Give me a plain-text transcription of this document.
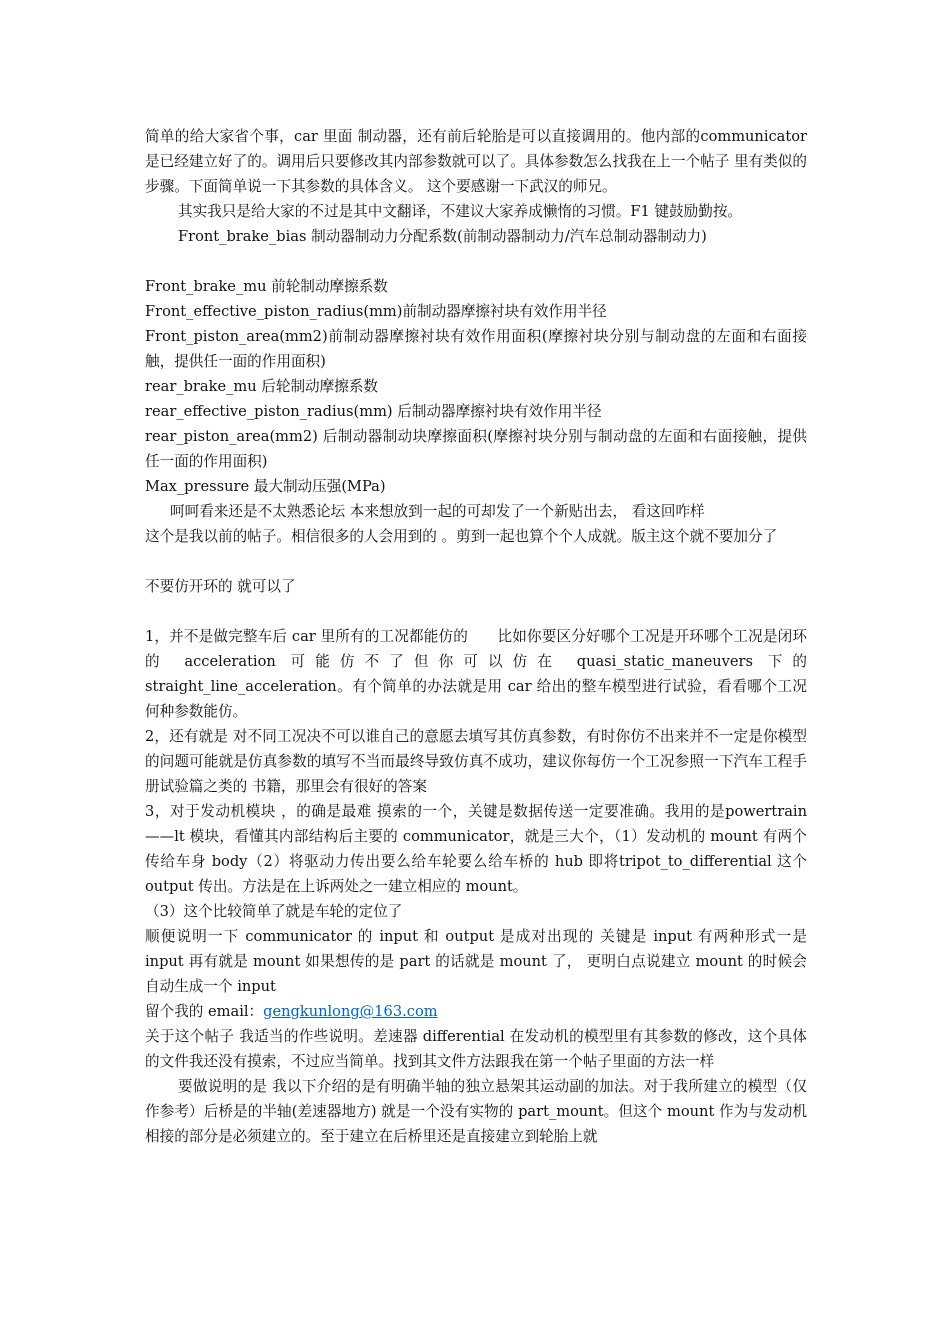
简单的给大家省个事，car 里面 制动器，还有前后轮胎是可以直接调用的。他内部的communicator 是已经建立好了的。调用后只要修改其内部参数就可以了。具体参数怎么找我在上一个帖子 里有类似的步骤。下面简单说一下其参数的具体含义。 这个要感谢一下武汉的师兄。

其实我只是给大家的不过是其中文翻译，不建议大家养成懒惰的习惯。F1 键鼓励勤按。

Front_brake_bias 制动器制动力分配系数(前制动器制动力/汽车总制动器制动力)

Front_brake_mu 前轮制动摩擦系数

Front_effective_piston_radius(mm)前制动器摩擦衬块有效作用半径

Front_piston_area(mm2)前制动器摩擦衬块有效作用面积(摩擦衬块分别与制动盘的左面和右面接触，提供任一面的作用面积)

rear_brake_mu 后轮制动摩擦系数

rear_effective_piston_radius(mm) 后制动器摩擦衬块有效作用半径

rear_piston_area(mm2) 后制动器制动块摩擦面积(摩擦衬块分别与制动盘的左面和右面接触，提供任一面的作用面积)

Max_pressure 最大制动压强(MPa)

呵呵看来还是不太熟悉论坛 本来想放到一起的可却发了一个新贴出去， 看这回咋样

这个是我以前的帖子。相信很多的人会用到的 。剪到一起也算个个人成就。版主这个就不要加分了

不要仿开环的 就可以了

1，并不是做完整车后 car 里所有的工况都能仿的　　比如你要区分好哪个工况是开环哪个工况是闭环的 acceleration 可能仿不了但你可以仿在 quasi_static_maneuvers 下的straight_line_acceleration。有个简单的办法就是用 car 给出的整车模型进行试验，看看哪个工况何种参数能仿。

2，还有就是 对不同工况决不可以谁自己的意愿去填写其仿真参数，有时你仿不出来并不一定是你模型的问题可能就是仿真参数的填写不当而最终导致仿真不成功，建议你每仿一个工况参照一下汽车工程手册试验篇之类的 书籍，那里会有很好的答案

3，对于发动机模块 ，的确是最难 摸索的一个，关键是数据传送一定要准确。我用的是powertrain——lt 模块，看懂其内部结构后主要的 communicator，就是三大个，（1）发动机的 mount 有两个传给车身 body（2）将驱动力传出要么给车轮要么给车桥的 hub 即将tripot_to_differential 这个 output 传出。方法是在上诉两处之一建立相应的 mount。

（3）这个比较简单了就是车轮的定位了

顺便说明一下 communicator 的 input 和 output 是成对出现的 关键是 input 有两种形式一是input 再有就是 mount 如果想传的是 part 的话就是 mount 了， 更明白点说建立 mount 的时候会自动生成一个 input

留个我的 email：gengkunlong@163.com

关于这个帖子 我适当的作些说明。差速器 differential 在发动机的模型里有其参数的修改，这个具体的文件我还没有摸索，不过应当简单。找到其文件方法跟我在第一个帖子里面的方法一样

要做说明的是 我以下介绍的是有明确半轴的独立悬架其运动副的加法。对于我所建立的模型（仅作参考）后桥是的半轴(差速器地方) 就是一个没有实物的 part_mount。但这个 mount 作为与发动机相接的部分是必须建立的。至于建立在后桥里还是直接建立到轮胎上就
